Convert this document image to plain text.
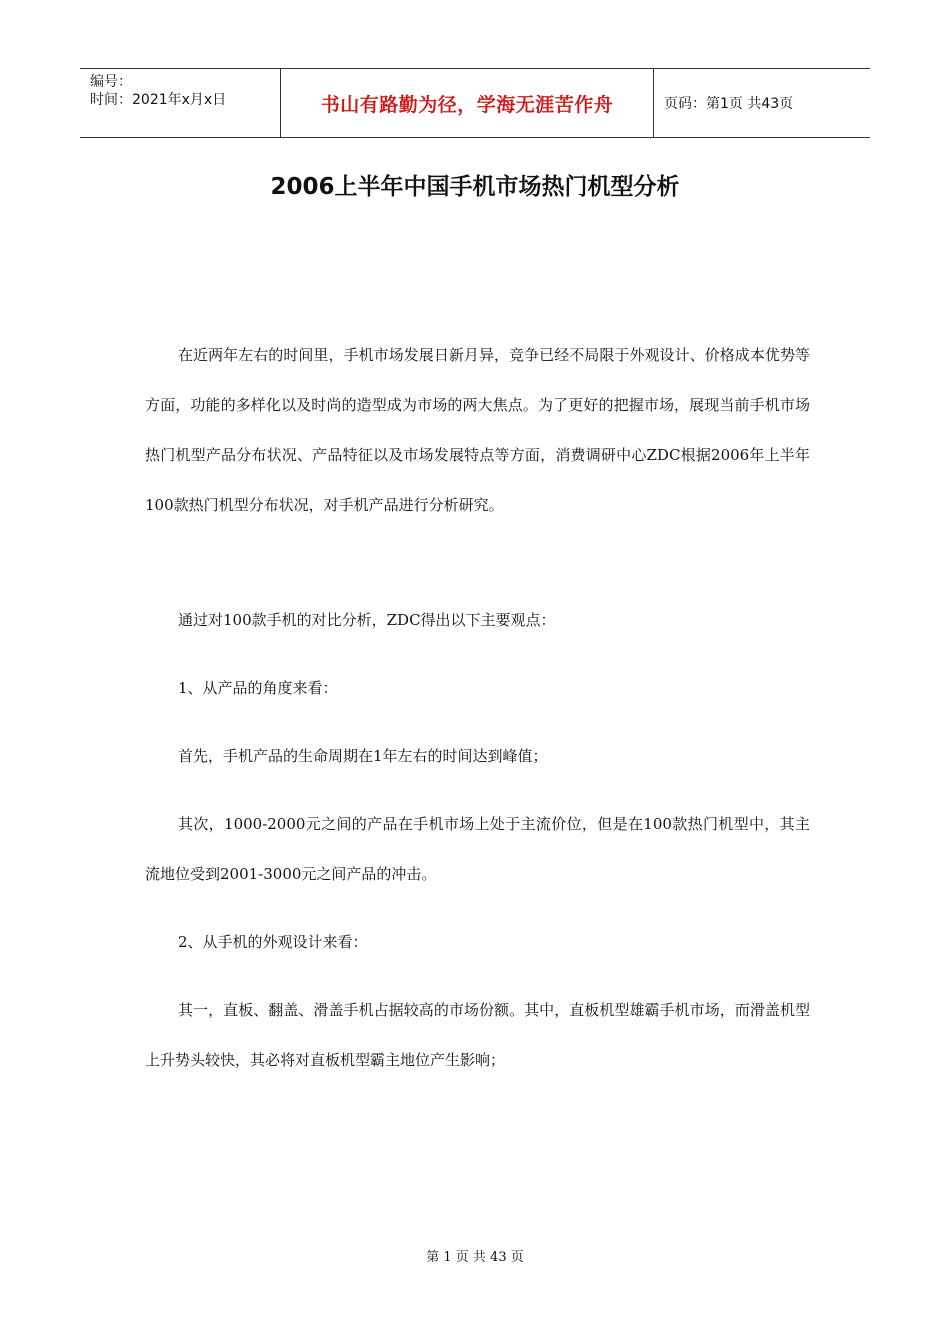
编号：
时间：2021年x月x日	书山有路勤为径，学海无涯苦作舟	页码：第1页 共43页
2006上半年中国手机市场热门机型分析
在近两年左右的时间里，手机市场发展日新月异，竞争已经不局限于外观设计、价格成本优势等方面，功能的多样化以及时尚的造型成为市场的两大焦点。为了更好的把握市场，展现当前手机市场热门机型产品分布状况、产品特征以及市场发展特点等方面，消费调研中心ZDC根据2006年上半年100款热门机型分布状况，对手机产品进行分析研究。
通过对100款手机的对比分析，ZDC得出以下主要观点：
1、从产品的角度来看：
首先，手机产品的生命周期在1年左右的时间达到峰值；
其次，1000-2000元之间的产品在手机市场上处于主流价位，但是在100款热门机型中，其主流地位受到2001-3000元之间产品的冲击。
2、从手机的外观设计来看：
其一，直板、翻盖、滑盖手机占据较高的市场份额。其中，直板机型雄霸手机市场，而滑盖机型上升势头较快，其必将对直板机型霸主地位产生影响；
第 1 页 共 43 页
